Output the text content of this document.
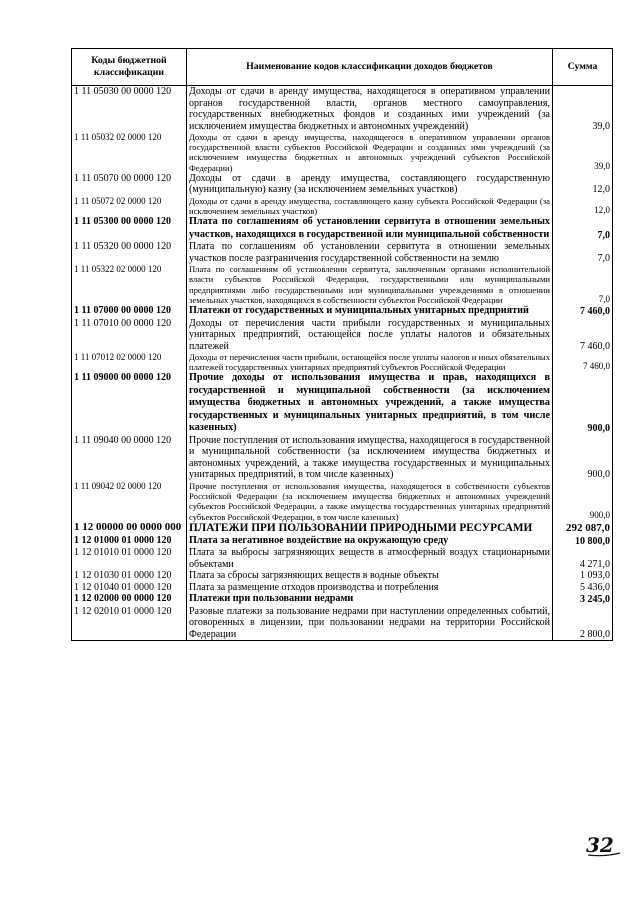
Коды бюджетной классификации	Наименование кодов классификации доходов бюджетов	Сумма
1 11 05030 00 0000 120	Доходы от сдачи в аренду имущества, находящегося в оперативном управлении органов государственной власти, органов местного самоуправления, государственных внебюджетных фондов и созданных ими учреждений (за исключением имущества бюджетных и автономных учреждений)	39,0
1 11 05032 02 0000 120	Доходы от сдачи в аренду имущества, находящегося в оперативном управлении органов государственной власти субъектов Российской Федерации и созданных ими учреждений (за исключением имущества бюджетных и автономных учреждений субъектов Российской Федерации)	39,0
1 11 05070 00 0000 120	Доходы от сдачи в аренду имущества, составляющего государственную (муниципальную) казну (за исключением земельных участков)	12,0
1 11 05072 02 0000 120	Доходы от сдачи в аренду имущества, составляющего казну субъекта Российской Федерации (за исключением земельных участков)	12,0
1 11 05300 00 0000 120	Плата по соглашениям об установлении сервитута в отношении земельных участков, находящихся в государственной или муниципальной собственности	7,0
1 11 05320 00 0000 120	Плата по соглашениям об установлении сервитута в отношении земельных участков после разграничения государственной собственности на землю	7,0
1 11 05322 02 0000 120	Плата по соглашениям об установлении сервитута, заключенным органами исполнительной власти субъектов Российской Федерации, государственными или муниципальными предприятиями либо государственными или муниципальными учреждениями в отношении земельных участков, находящихся в собственности субъектов Российской Федерации	7,0
1 11 07000 00 0000 120	Платежи от государственных и муниципальных унитарных предприятий	7 460,0
1 11 07010 00 0000 120	Доходы от перечисления части прибыли государственных и муниципальных унитарных предприятий, остающейся после уплаты налогов и обязательных платежей	7 460,0
1 11 07012 02 0000 120	Доходы от перечисления части прибыли, остающейся после уплаты налогов и иных обязательных платежей государственных унитарных предприятий субъектов Российской Федерации	7 460,0
1 11 09000 00 0000 120	Прочие доходы от использования имущества и прав, находящихся в государственной и муниципальной собственности (за исключением имущества бюджетных и автономных учреждений, а также имущества государственных и муниципальных унитарных предприятий, в том числе казенных)	900,0
1 11 09040 00 0000 120	Прочие поступления от использования имущества, находящегося в государственной и муниципальной собственности (за исключением имущества бюджетных и автономных учреждений, а также имущества государственных и муниципальных унитарных предприятий, в том числе казенных)	900,0
1 11 09042 02 0000 120	Прочие поступления от использования имущества, находящегося в собственности субъектов Российской Федерации (за исключением имущества бюджетных и автономных учреждений субъектов Российской Федерации, а также имущества государственных унитарных предприятий субъектов Российской Федерации, в том числе казенных)	900,0
1 12 00000 00 0000 000	ПЛАТЕЖИ ПРИ ПОЛЬЗОВАНИИ ПРИРОДНЫМИ РЕСУРСАМИ	292 087,0
1 12 01000 01 0000 120	Плата за негативное воздействие на окружающую среду	10 800,0
1 12 01010 01 0000 120	Плата за выбросы загрязняющих веществ в атмосферный воздух стационарными объектами	4 271,0
1 12 01030 01 0000 120	Плата за сбросы загрязняющих веществ в водные объекты	1 093,0
1 12 01040 01 0000 120	Плата за размещение отходов производства и потребления	5 436,0
1 12 02000 00 0000 120	Платежи при пользовании недрами	3 245,0
1 12 02010 01 0000 120	Разовые платежи за пользование недрами при наступлении определенных событий, оговоренных в лицензии, при пользовании недрами на территории Российской Федерации	2 800,0
32
